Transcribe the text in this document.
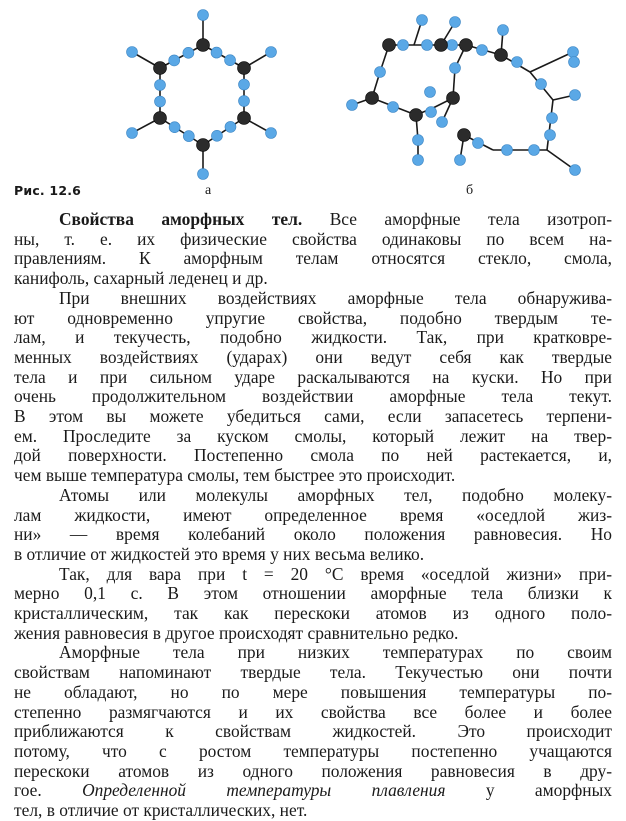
Рис. 12.6	а	б
Свойства аморфных тел. Все аморфные тела изотроп-
ны, т. е. их физические свойства одинаковы по всем на-
правлениям. К аморфным телам относятся стекло, смола,
канифоль, сахарный леденец и др.
При внешних воздействиях аморфные тела обнаружива-
ют одновременно упругие свойства, подобно твердым те-
лам, и текучесть, подобно жидкости. Так, при кратковре-
менных воздействиях (ударах) они ведут себя как твердые
тела и при сильном ударе раскалываются на куски. Но при
очень продолжительном воздействии аморфные тела текут.
В этом вы можете убедиться сами, если запасетесь терпени-
ем. Проследите за куском смолы, который лежит на твер-
дой поверхности. Постепенно смола по ней растекается, и,
чем выше температура смолы, тем быстрее это происходит.
Атомы или молекулы аморфных тел, подобно молеку-
лам жидкости, имеют определенное время «оседлой жиз-
ни» — время колебаний около положения равновесия. Но
в отличие от жидкостей это время у них весьма велико.
Так, для вара при t = 20 °С время «оседлой жизни» при-
мерно 0,1 с. В этом отношении аморфные тела близки к
кристаллическим, так как перескоки атомов из одного поло-
жения равновесия в другое происходят сравнительно редко.
Аморфные тела при низких температурах по своим
свойствам напоминают твердые тела. Текучестью они почти
не обладают, но по мере повышения температуры по-
степенно размягчаются и их свойства все более и более
приближаются к свойствам жидкостей. Это происходит
потому, что с ростом температуры постепенно учащаются
перескоки атомов из одного положения равновесия в дру-
гое. Определенной температуры плавления у аморфных
тел, в отличие от кристаллических, нет.
